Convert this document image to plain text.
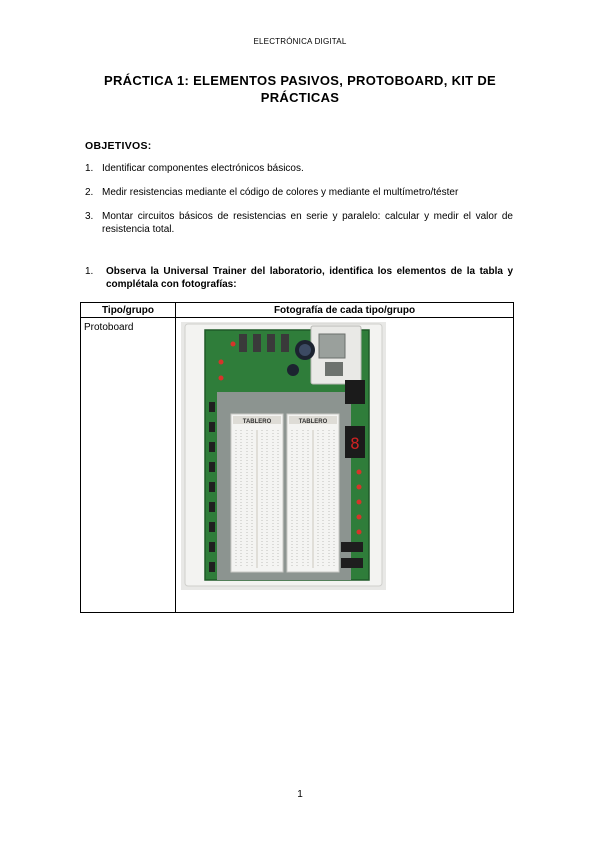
ELECTRÓNICA DIGITAL
PRÁCTICA 1: ELEMENTOS PASIVOS, PROTOBOARD, KIT DE PRÁCTICAS
OBJETIVOS:
1. Identificar componentes electrónicos básicos.
2. Medir resistencias mediante el código de colores y mediante el multímetro/téster
3. Montar circuitos básicos de resistencias en serie y paralelo: calcular y medir el valor de resistencia total.
1.	Observa la Universal Trainer del laboratorio, identifica los elementos de la tabla y complétala con fotografías:
Tipo/grupo	Fotografía de cada tipo/grupo
Protoboard	TABLERO TABLERO
8
1
